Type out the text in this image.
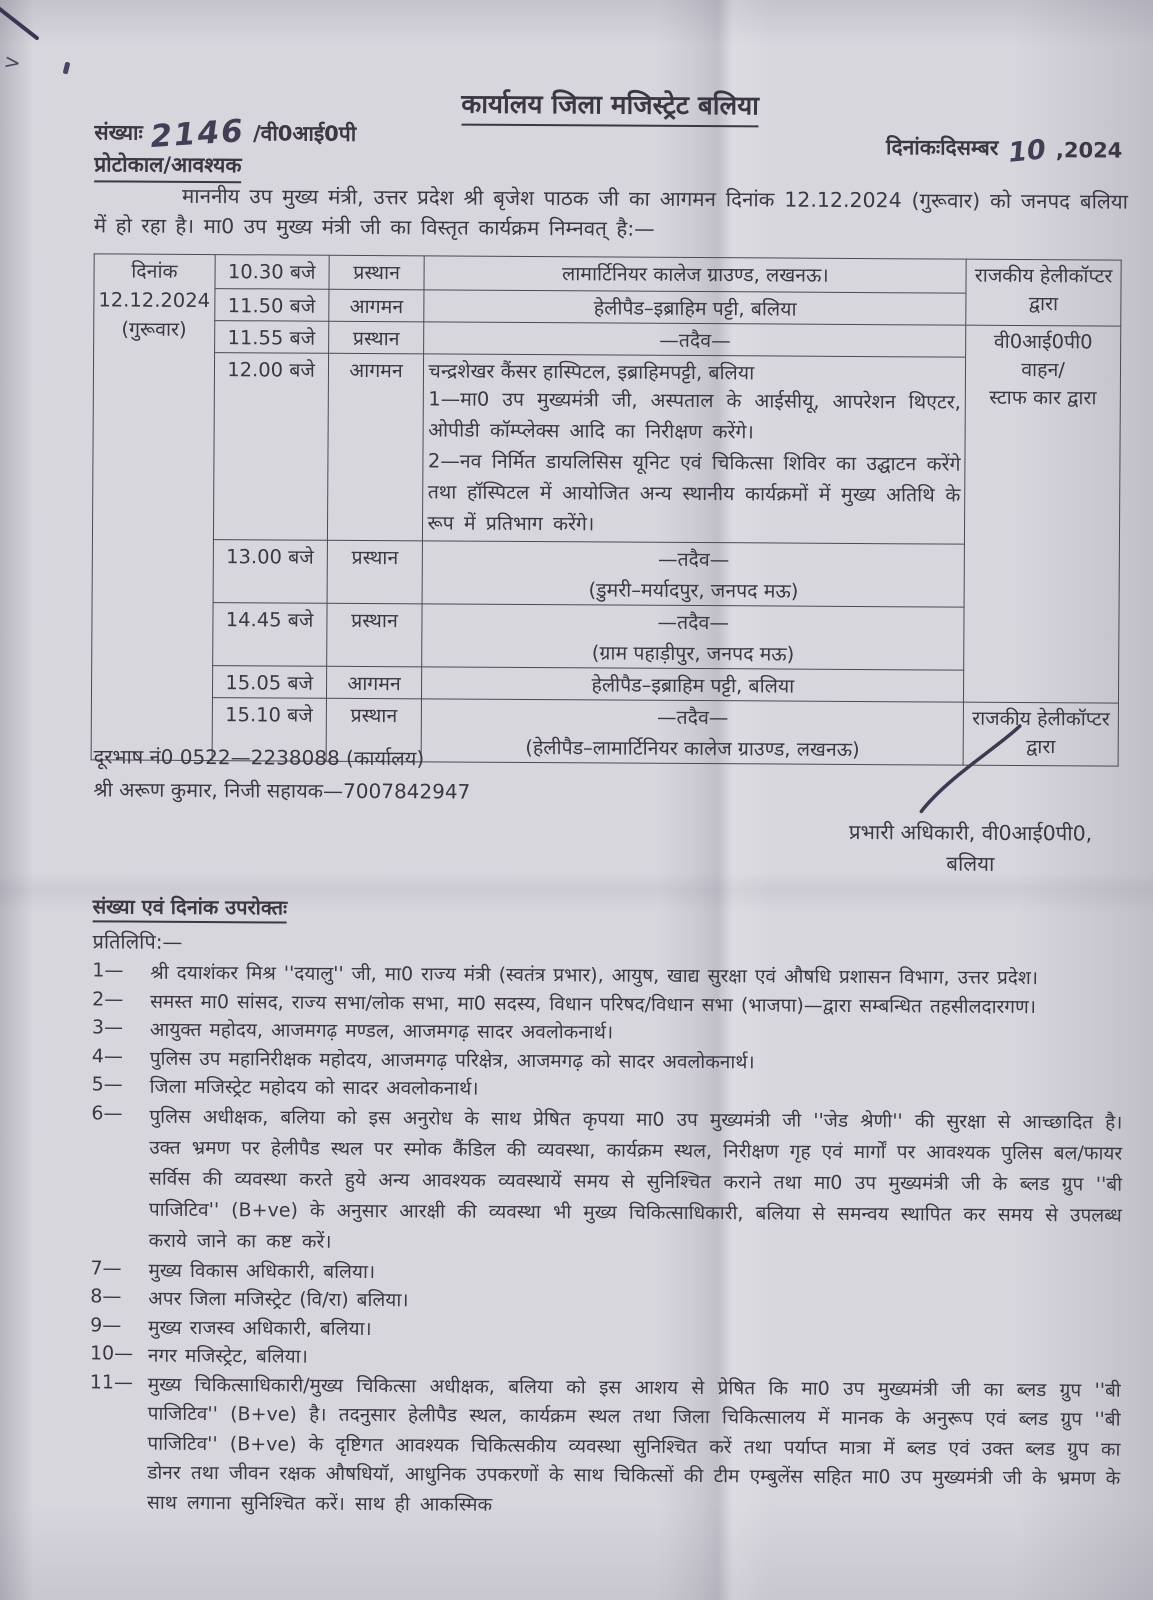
>
कार्यालय जिला मजिस्ट्रेट बलिया
संख्याः 2146 /वी0आई0पी
दिनांकःदिसम्बर 10 ,2024
प्रोटोकाल/आवश्यक

माननीय उप मुख्य मंत्री, उत्तर प्रदेश श्री बृजेश पाठक जी का आगमन दिनांक 12.12.2024 (गुरूवार) को जनपद बलिया में हो रहा है। मा0 उप मुख्य मंत्री जी का विस्तृत कार्यक्रम निम्नवत् है:—

दिनांक
12.12.2024
(गुरूवार)	10.30 बजे	प्रस्थान	लामार्टिनियर कालेज ग्राउण्ड, लखनऊ।	राजकीय हेलीकॉप्टर द्वारा
	11.50 बजे	आगमन	हेलीपैड–इब्राहिम पट्टी, बलिया	

	11.55 बजे	प्रस्थान	—तदैव—	वी0आई0पी0
वाहन/
स्टाफ कार द्वारा

	12.00 बजे	आगमन	चन्द्रशेखर कैंसर हास्पिटल, इब्राहिमपट्टी, बलिया
1—मा0 उप मुख्यमंत्री जी, अस्पताल के आईसीयू, आपरेशन थिएटर, ओपीडी कॉम्प्लेक्स आदि का निरीक्षण करेंगे।
2—नव निर्मित डायलिसिस यूनिट एवं चिकित्सा शिविर का उद्घाटन करेंगे तथा हॉस्पिटल में आयोजित अन्य स्थानीय कार्यक्रमों में मुख्य अतिथि के रूप में प्रतिभाग करेंगे।	

	13.00 बजे	प्रस्थान	—तदैव—
(डुमरी–मर्यादपुर, जनपद मऊ)	

	14.45 बजे	प्रस्थान	—तदैव—
(ग्राम पहाड़ीपुर, जनपद मऊ)	

	15.05 बजे	आगमन	हेलीपैड–इब्राहिम पट्टी, बलिया	

	15.10 बजे	प्रस्थान	—तदैव—
(हेलीपैड–लामार्टिनियर कालेज ग्राउण्ड, लखनऊ)	राजकीय हेलीकॉप्टर द्वारा
दूरभाष नं0 0522—2238088 (कार्यालय)
श्री अरूण कुमार, निजी सहायक—7007842947
प्रभारी अधिकारी, वी0आई0पी0,
बलिया
संख्या एवं दिनांक उपरोक्तः
प्रतिलिपि:—
1—	श्री दयाशंकर मिश्र ''दयालु'' जी, मा0 राज्य मंत्री (स्वतंत्र प्रभार), आयुष, खाद्य सुरक्षा एवं औषधि प्रशासन विभाग, उत्तर प्रदेश।
2—	समस्त मा0 सांसद, राज्य सभा/लोक सभा, मा0 सदस्य, विधान परिषद/विधान सभा (भाजपा)—द्वारा सम्बन्धित तहसीलदारगण।
3—	आयुक्त महोदय, आजमगढ़ मण्डल, आजमगढ़ सादर अवलोकनार्थ।
4—	पुलिस उप महानिरीक्षक महोदय, आजमगढ़ परिक्षेत्र, आजमगढ़ को सादर अवलोकनार्थ।
5—	जिला मजिस्ट्रेट महोदय को सादर अवलोकनार्थ।
6—	पुलिस अधीक्षक, बलिया को इस अनुरोध के साथ प्रेषित कृपया मा0 उप मुख्यमंत्री जी ''जेड श्रेणी'' की सुरक्षा से आच्छादित है। उक्त भ्रमण पर हेलीपैड स्थल पर स्मोक कैंडिल की व्यवस्था, कार्यक्रम स्थल, निरीक्षण गृह एवं मार्गों पर आवश्यक पुलिस बल/फायर सर्विस की व्यवस्था करते हुये अन्य आवश्यक व्यवस्थायें समय से सुनिश्चित कराने तथा मा0 उप मुख्यमंत्री जी के ब्लड ग्रुप ''बी पाजिटिव'' (B+ve) के अनुसार आरक्षी की व्यवस्था भी मुख्य चिकित्साधिकारी, बलिया से समन्वय स्थापित कर समय से उपलब्ध कराये जाने का कष्ट करें।
7—	मुख्य विकास अधिकारी, बलिया।
8—	अपर जिला मजिस्ट्रेट (वि/रा) बलिया।
9—	मुख्य राजस्व अधिकारी, बलिया।
10— नगर मजिस्ट्रेट, बलिया।
11— मुख्य चिकित्साधिकारी/मुख्य चिकित्सा अधीक्षक, बलिया को इस आशय से प्रेषित कि मा0 उप मुख्यमंत्री जी का ब्लड ग्रुप ''बी पाजिटिव'' (B+ve) है। तदनुसार हेलीपैड स्थल, कार्यक्रम स्थल तथा जिला चिकित्सालय में मानक के अनुरूप एवं ब्लड ग्रुप ''बी पाजिटिव'' (B+ve) के दृष्टिगत आवश्यक चिकित्सकीय व्यवस्था सुनिश्चित करें तथा पर्याप्त मात्रा में ब्लड एवं उक्त ब्लड ग्रुप का डोनर तथा जीवन रक्षक औषधियॉ, आधुनिक उपकरणों के साथ चिकित्सों की टीम एम्बुलेंस सहित मा0 उप मुख्यमंत्री जी के भ्रमण के साथ लगाना सुनिश्चित करें। साथ ही आकस्मिक
